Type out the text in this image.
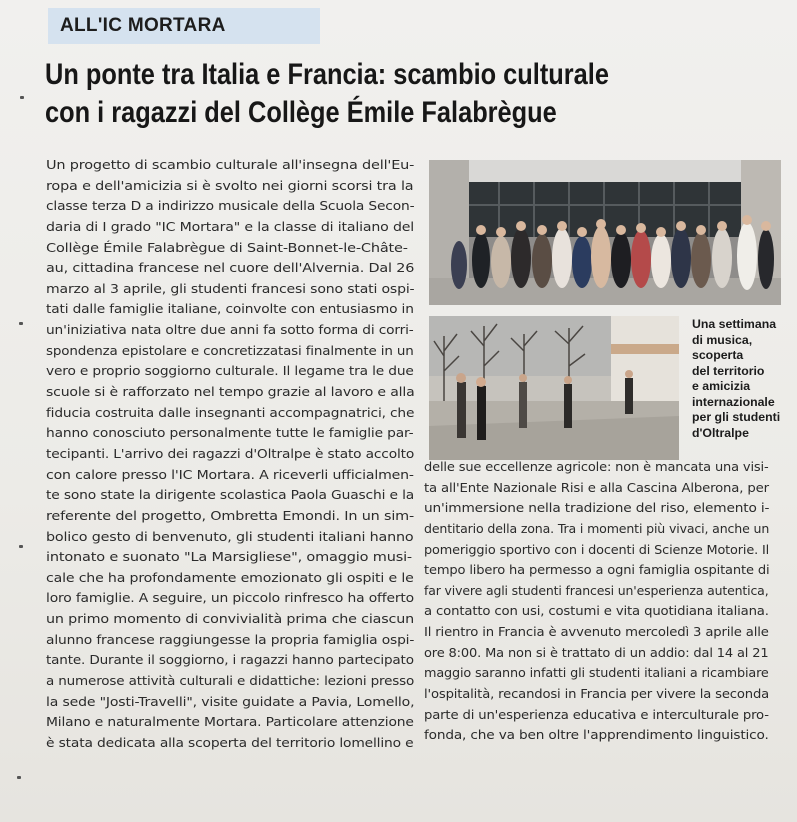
ALL'IC MORTARA
Un ponte tra Italia e Francia: scambio culturale
con i ragazzi del Collège Émile Falabrègue
Un progetto di scambio culturale all'insegna dell'Eu-
ropa e dell'amicizia si è svolto nei giorni scorsi tra la
classe terza D a indirizzo musicale della Scuola Secon-
daria di I grado "IC Mortara" e la classe di italiano del
Collège Émile Falabrègue di Saint-Bonnet-le-Châte-
au, cittadina francese nel cuore dell'Alvernia. Dal 26
marzo al 3 aprile, gli studenti francesi sono stati ospi-
tati dalle famiglie italiane, coinvolte con entusiasmo in
un'iniziativa nata oltre due anni fa sotto forma di corri-
spondenza epistolare e concretizzatasi finalmente in un
vero e proprio soggiorno culturale. Il legame tra le due
scuole si è rafforzato nel tempo grazie al lavoro e alla
fiducia costruita dalle insegnanti accompagnatrici, che
hanno conosciuto personalmente tutte le famiglie par-
tecipanti. L'arrivo dei ragazzi d'Oltralpe è stato accolto
con calore presso l'IC Mortara. A riceverli ufficialmen-
te sono state la dirigente scolastica Paola Guaschi e la
referente del progetto, Ombretta Emondi. In un sim-
bolico gesto di benvenuto, gli studenti italiani hanno
intonato e suonato "La Marsigliese", omaggio musi-
cale che ha profondamente emozionato gli ospiti e le
loro famiglie. A seguire, un piccolo rinfresco ha offerto
un primo momento di convivialità prima che ciascun
alunno francese raggiungesse la propria famiglia ospi-
tante. Durante il soggiorno, i ragazzi hanno partecipato
a numerose attività culturali e didattiche: lezioni presso
la sede "Josti-Travelli", visite guidate a Pavia, Lomello,
Milano e naturalmente Mortara. Particolare attenzione
è stata dedicata alla scoperta del territorio lomellino e
Una settimana
di musica,
scoperta
del territorio
e amicizia
internazionale
per gli studenti
d'Oltralpe
delle sue eccellenze agricole: non è mancata una visi-
ta all'Ente Nazionale Risi e alla Cascina Alberona, per
un'immersione nella tradizione del riso, elemento i-
dentitario della zona. Tra i momenti più vivaci, anche un
pomeriggio sportivo con i docenti di Scienze Motorie. Il
tempo libero ha permesso a ogni famiglia ospitante di
far vivere agli studenti francesi un'esperienza autentica,
a contatto con usi, costumi e vita quotidiana italiana.
Il rientro in Francia è avvenuto mercoledì 3 aprile alle
ore 8:00. Ma non si è trattato di un addio: dal 14 al 21
maggio saranno infatti gli studenti italiani a ricambiare
l'ospitalità, recandosi in Francia per vivere la seconda
parte di un'esperienza educativa e interculturale pro-
fonda, che va ben oltre l'apprendimento linguistico.
